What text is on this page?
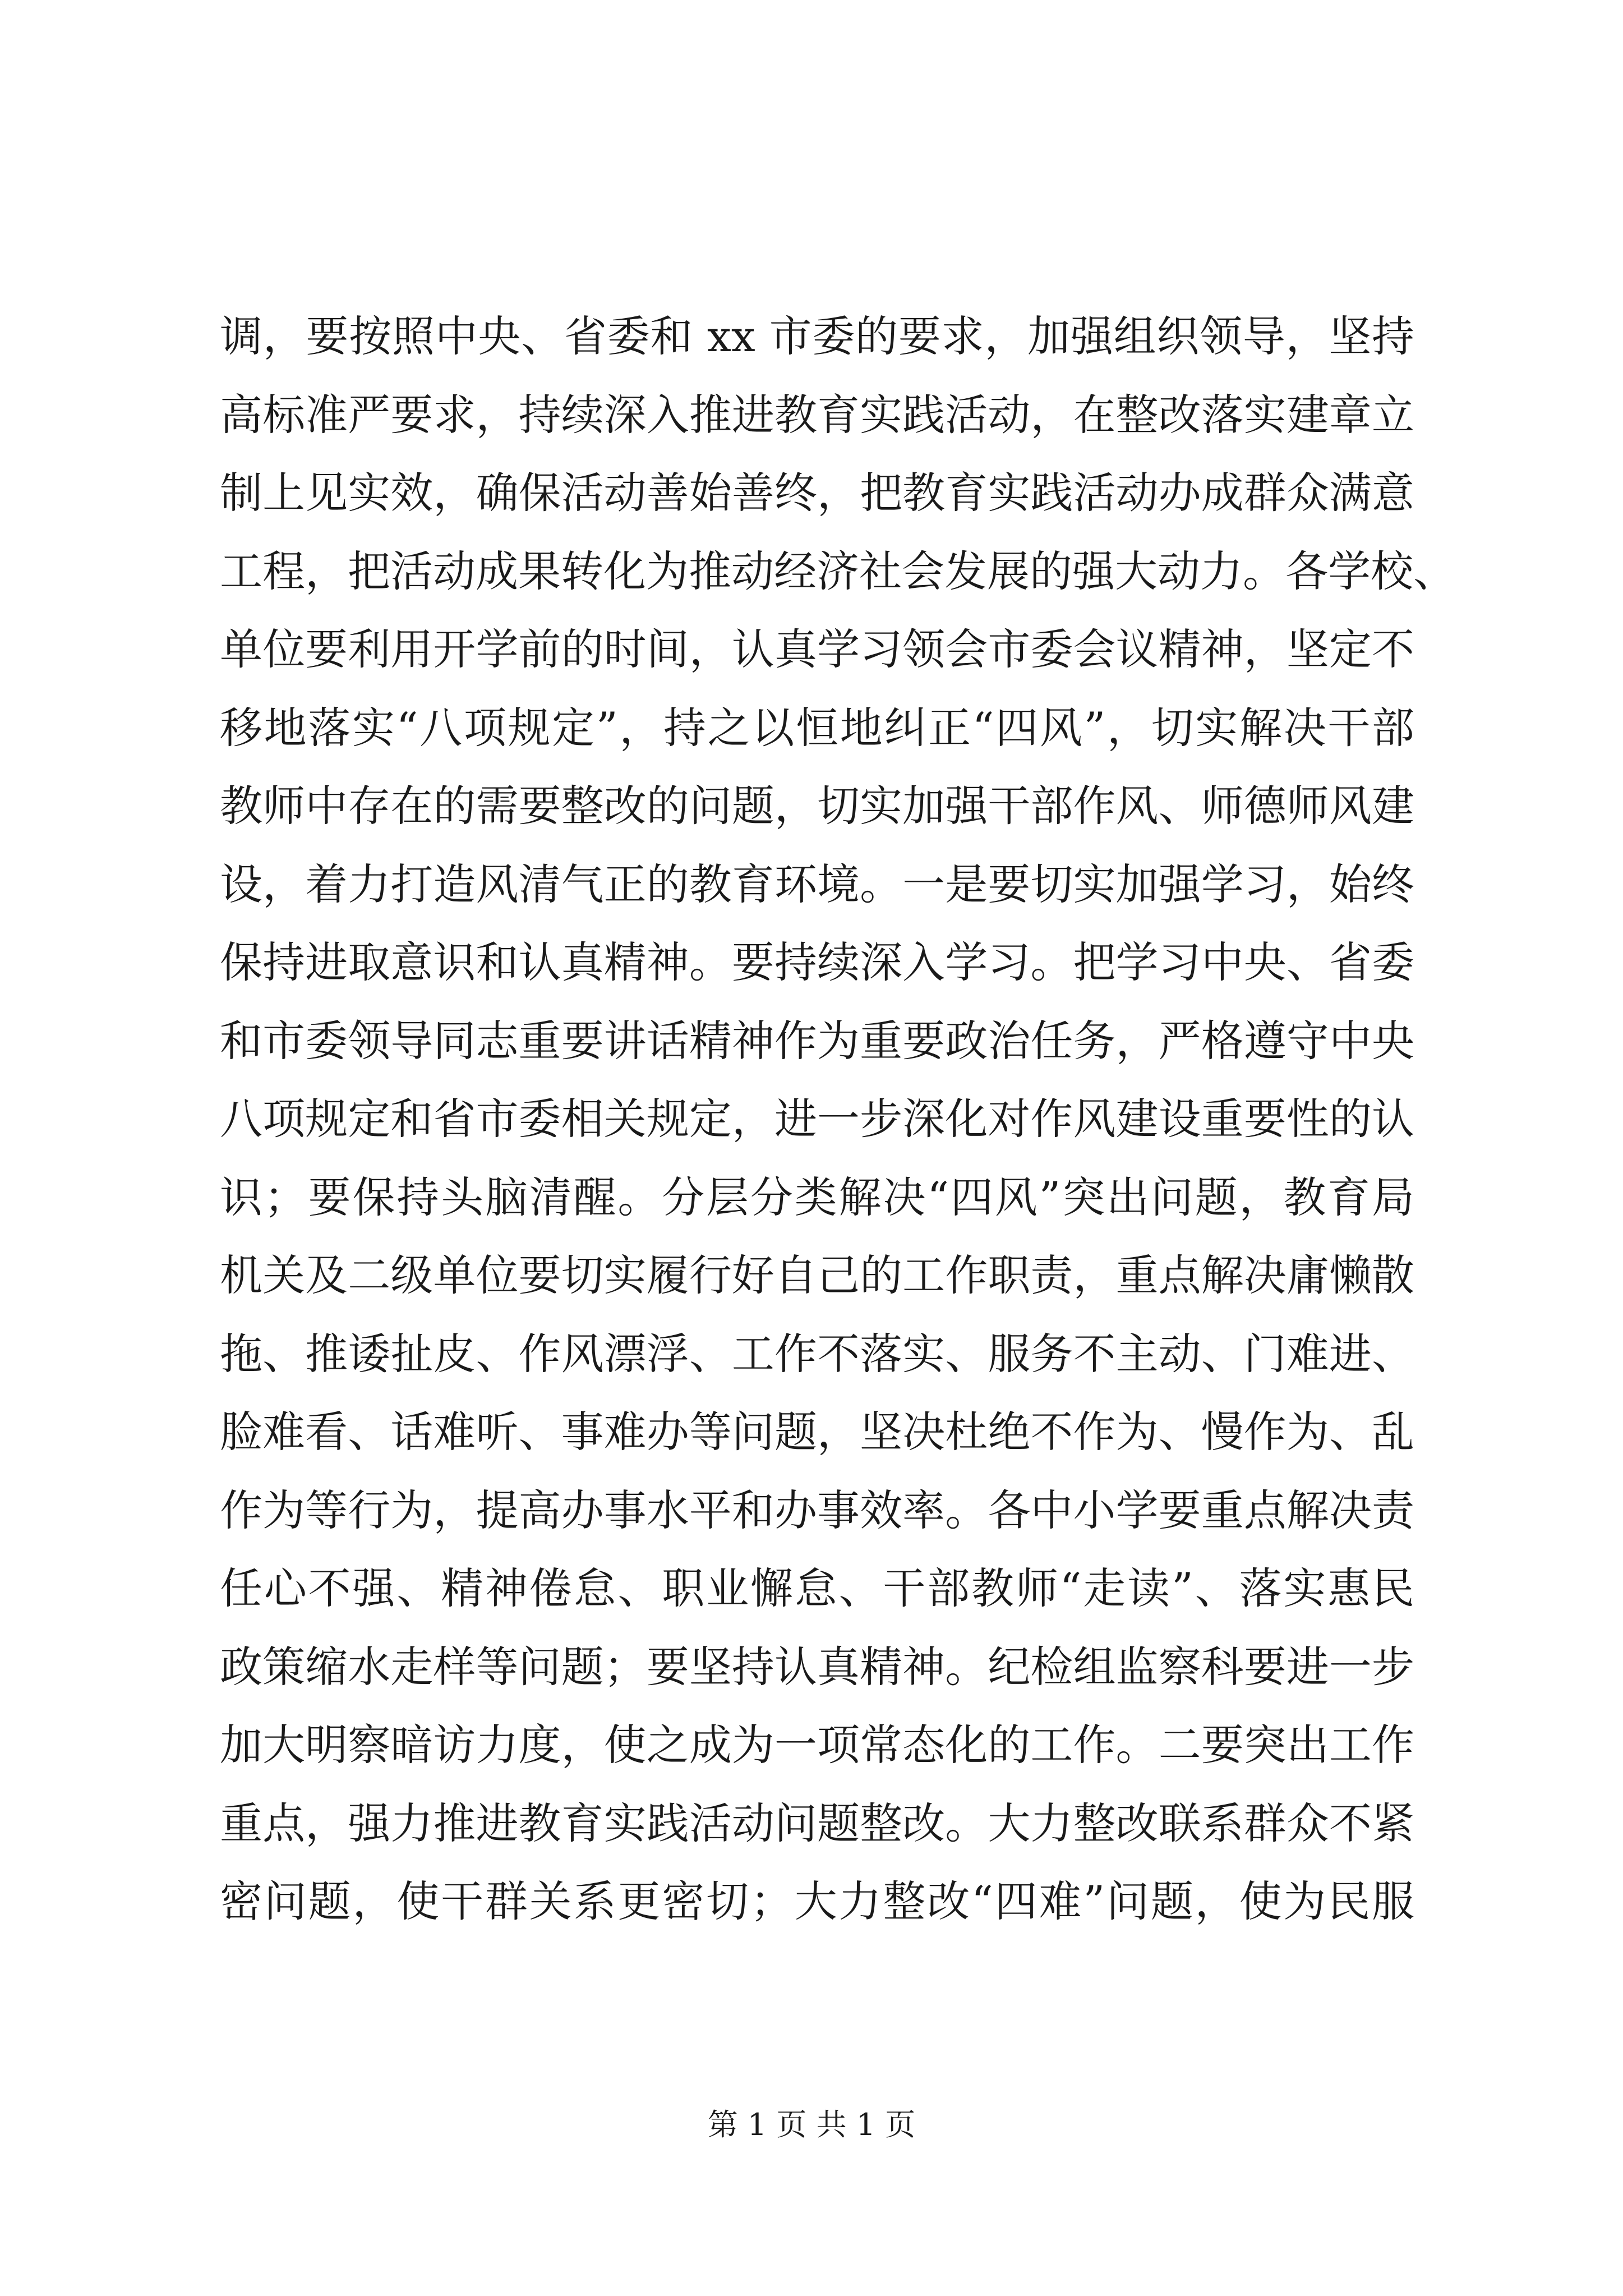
调，要按照中央、省委和 xx 市委的要求，加强组织领导，坚持
高标准严要求，持续深入推进教育实践活动，在整改落实建章立
制上见实效，确保活动善始善终，把教育实践活动办成群众满意
工程，把活动成果转化为推动经济社会发展的强大动力。各学校、
单位要利用开学前的时间，认真学习领会市委会议精神，坚定不
移地落实“八项规定”，持之以恒地纠正“四风”，切实解决干部
教师中存在的需要整改的问题，切实加强干部作风、师德师风建
设，着力打造风清气正的教育环境。一是要切实加强学习，始终
保持进取意识和认真精神。要持续深入学习。把学习中央、省委
和市委领导同志重要讲话精神作为重要政治任务，严格遵守中央
八项规定和省市委相关规定，进一步深化对作风建设重要性的认
识；要保持头脑清醒。分层分类解决“四风”突出问题，教育局
机关及二级单位要切实履行好自己的工作职责，重点解决庸懒散
拖、推诿扯皮、作风漂浮、工作不落实、服务不主动、门难进、
脸难看、话难听、事难办等问题，坚决杜绝不作为、慢作为、乱
作为等行为，提高办事水平和办事效率。各中小学要重点解决责
任心不强、精神倦怠、职业懈怠、干部教师“走读”、落实惠民
政策缩水走样等问题；要坚持认真精神。纪检组监察科要进一步
加大明察暗访力度，使之成为一项常态化的工作。二要突出工作
重点，强力推进教育实践活动问题整改。大力整改联系群众不紧
密问题，使干群关系更密切；大力整改“四难”问题，使为民服
第 1 页 共 1 页
